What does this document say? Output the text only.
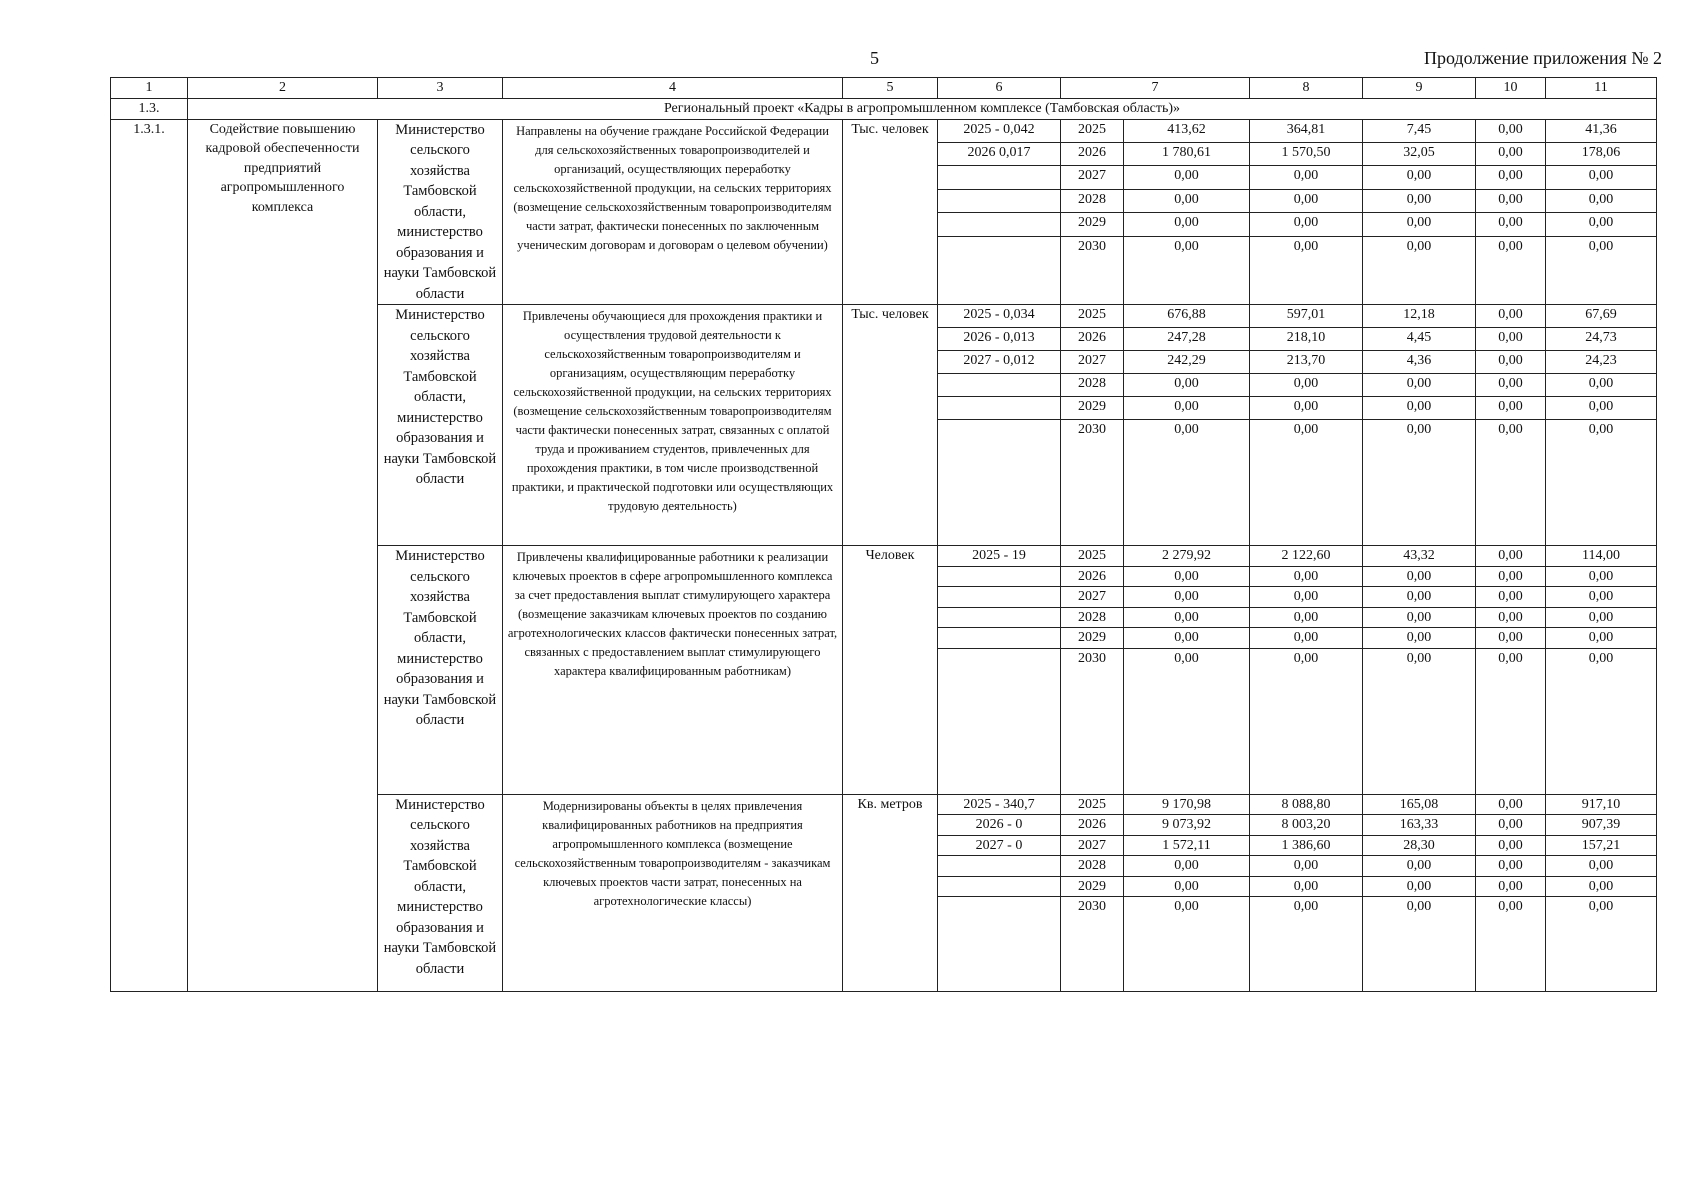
5	Продолжение приложения № 2
1	2	3	4	5	6	7		8	9	10	11
1.3.	Региональный проект «Кадры в агропромышленном комплексе (Тамбовская область)»										
1.3.1.	Содействие повышению кадровой обеспеченности предприятий агропромышленного комплекса	Министерство сельского хозяйства Тамбовской области, министерство образования и науки Тамбовской области	Направлены на обучение граждане Российской Федерации для сельскохозяйственных товаропроизводителей и организаций, осуществляющих переработку сельскохозяйственной продукции, на сельских территориях (возмещение сельскохозяйственным товаропроизводителям части затрат, фактически понесенных по заключенным ученическим договорам и договорам о целевом обучении)	Тыс. человек	2025 - 0,042	2025	413,62	364,81	7,45	0,00	41,36
					2026 0,017	2026	1 780,61	1 570,50	32,05	0,00	178,06
						2027	0,00	0,00	0,00	0,00	0,00
						2028	0,00	0,00	0,00	0,00	0,00
						2029	0,00	0,00	0,00	0,00	0,00
						2030	0,00	0,00	0,00	0,00	0,00
		Министерство сельского хозяйства Тамбовской области, министерство образования и науки Тамбовской области	Привлечены обучающиеся для прохождения практики и осуществления трудовой деятельности к сельскохозяйственным товаропроизводителям и организациям, осуществляющим переработку сельскохозяйственной продукции, на сельских территориях (возмещение сельскохозяйственным товаропроизводителям части фактически понесенных затрат, связанных с оплатой труда и проживанием студентов, привлеченных для прохождения практики, в том числе производственной практики, и практической подготовки или осуществляющих трудовую деятельность)	Тыс. человек	2025 - 0,034	2025	676,88	597,01	12,18	0,00	67,69
					2026 - 0,013	2026	247,28	218,10	4,45	0,00	24,73
					2027 - 0,012	2027	242,29	213,70	4,36	0,00	24,23
						2028	0,00	0,00	0,00	0,00	0,00
						2029	0,00	0,00	0,00	0,00	0,00
						2030	0,00	0,00	0,00	0,00	0,00
		Министерство сельского хозяйства Тамбовской области, министерство образования и науки Тамбовской области	Привлечены квалифицированные работники к реализации ключевых проектов в сфере агропромышленного комплекса за счет предоставления выплат стимулирующего характера (возмещение заказчикам ключевых проектов по созданию агротехнологических классов фактически понесенных затрат, связанных с предоставлением выплат стимулирующего характера квалифицированным работникам)	Человек	2025 - 19	2025	2 279,92	2 122,60	43,32	0,00	114,00
						2026	0,00	0,00	0,00	0,00	0,00
						2027	0,00	0,00	0,00	0,00	0,00
						2028	0,00	0,00	0,00	0,00	0,00
						2029	0,00	0,00	0,00	0,00	0,00
						2030	0,00	0,00	0,00	0,00	0,00
		Министерство сельского хозяйства Тамбовской области, министерство образования и науки Тамбовской области	Модернизированы объекты в целях привлечения квалифицированных работников на предприятия агропромышленного комплекса (возмещение сельскохозяйственным товаропроизводителям - заказчикам ключевых проектов части затрат, понесенных на агротехнологические классы)	Кв. метров	2025 - 340,7	2025	9 170,98	8 088,80	165,08	0,00	917,10
					2026 - 0	2026	9 073,92	8 003,20	163,33	0,00	907,39
					2027 - 0	2027	1 572,11	1 386,60	28,30	0,00	157,21
						2028	0,00	0,00	0,00	0,00	0,00
						2029	0,00	0,00	0,00	0,00	0,00
						2030	0,00	0,00	0,00	0,00	0,00
